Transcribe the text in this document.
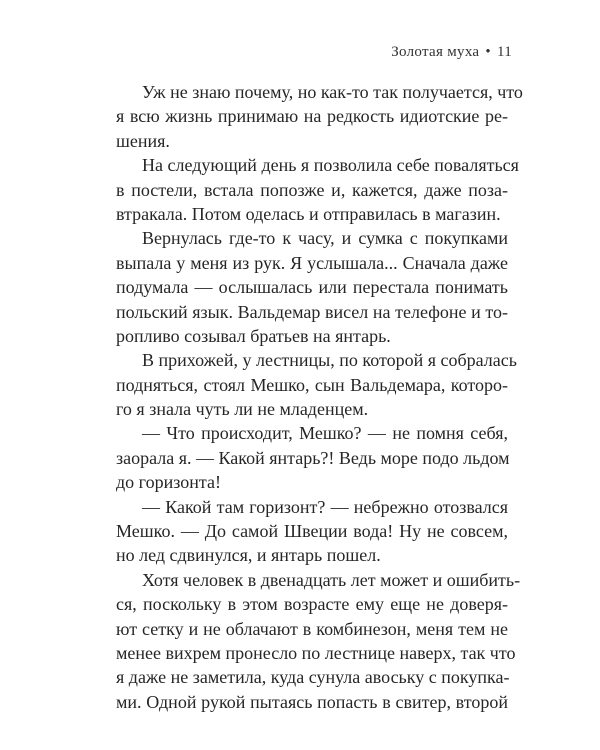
Золотая муха • 11
Уж не знаю почему, но как-то так получается, что
я всю жизнь принимаю на редкость идиотские ре-
шения.
На следующий день я позволила себе поваляться
в постели, встала попозже и, кажется, даже поза-
втракала. Потом оделась и отправилась в магазин.
Вернулась где-то к часу, и сумка с покупками
выпала у меня из рук. Я услышала... Сначала даже
подумала — ослышалась или перестала понимать
польский язык. Вальдемар висел на телефоне и то-
ропливо созывал братьев на янтарь.
В прихожей, у лестницы, по которой я собралась
подняться, стоял Мешко, сын Вальдемара, которо-
го я знала чуть ли не младенцем.
— Что происходит, Мешко? — не помня себя,
заорала я. — Какой янтарь?! Ведь море подо льдом
до горизонта!
— Какой там горизонт? — небрежно отозвался
Мешко. — До самой Швеции вода! Ну не совсем,
но лед сдвинулся, и янтарь пошел.
Хотя человек в двенадцать лет может и ошибить-
ся, поскольку в этом возрасте ему еще не доверя-
ют сетку и не облачают в комбинезон, меня тем не
менее вихрем пронесло по лестнице наверх, так что
я даже не заметила, куда сунула авоську с покупка-
ми. Одной рукой пытаясь попасть в свитер, второй
